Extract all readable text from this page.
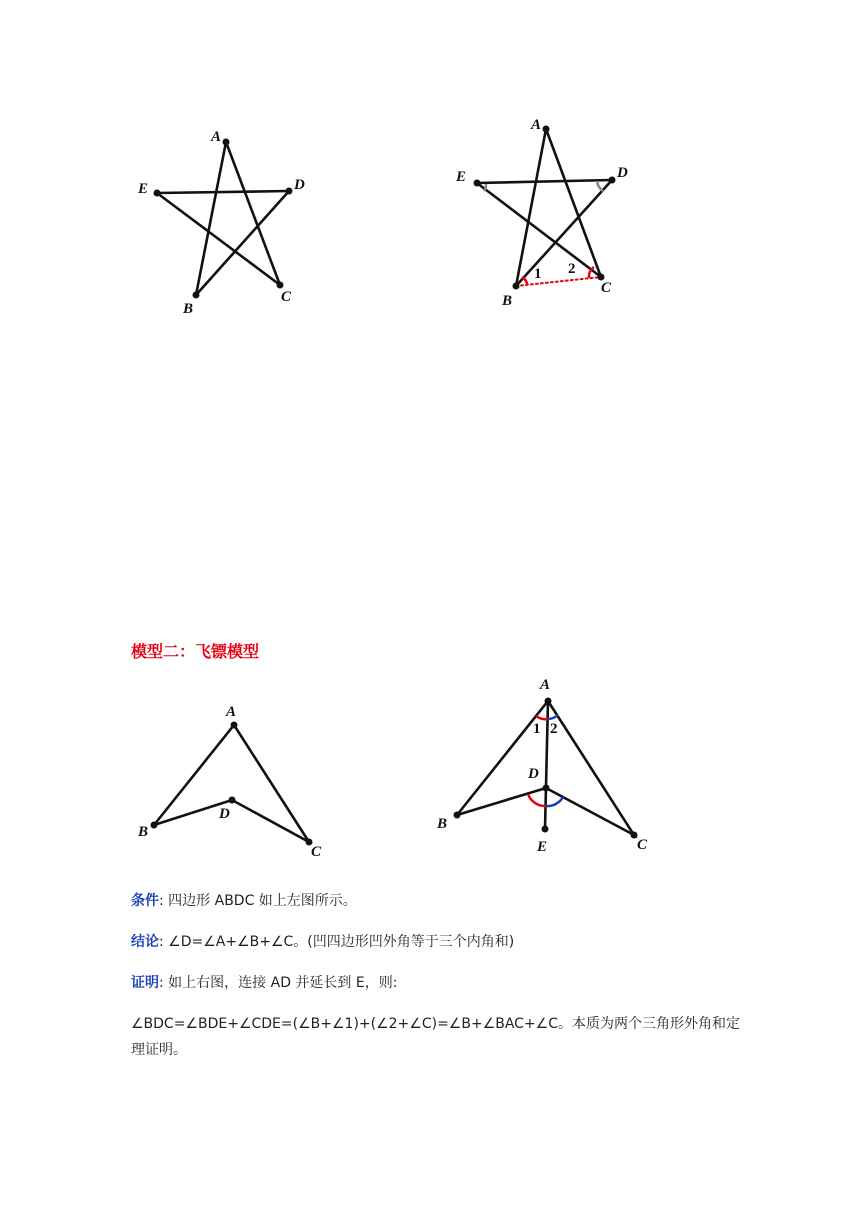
A
B
C
D
E
A
B
C
D
E
1 2
模型二：飞镖模型
A
B
C
D
A
B
C
D
E
1 2
条件: 四边形 ABDC 如上左图所示。
结论: ∠D=∠A+∠B+∠C。(凹四边形凹外角等于三个内角和)
证明: 如上右图，连接 AD 并延长到 E，则:
∠BDC=∠BDE+∠CDE=(∠B+∠1)+(∠2+∠C)=∠B+∠BAC+∠C。本质为两个三角形外角和定理证明。
